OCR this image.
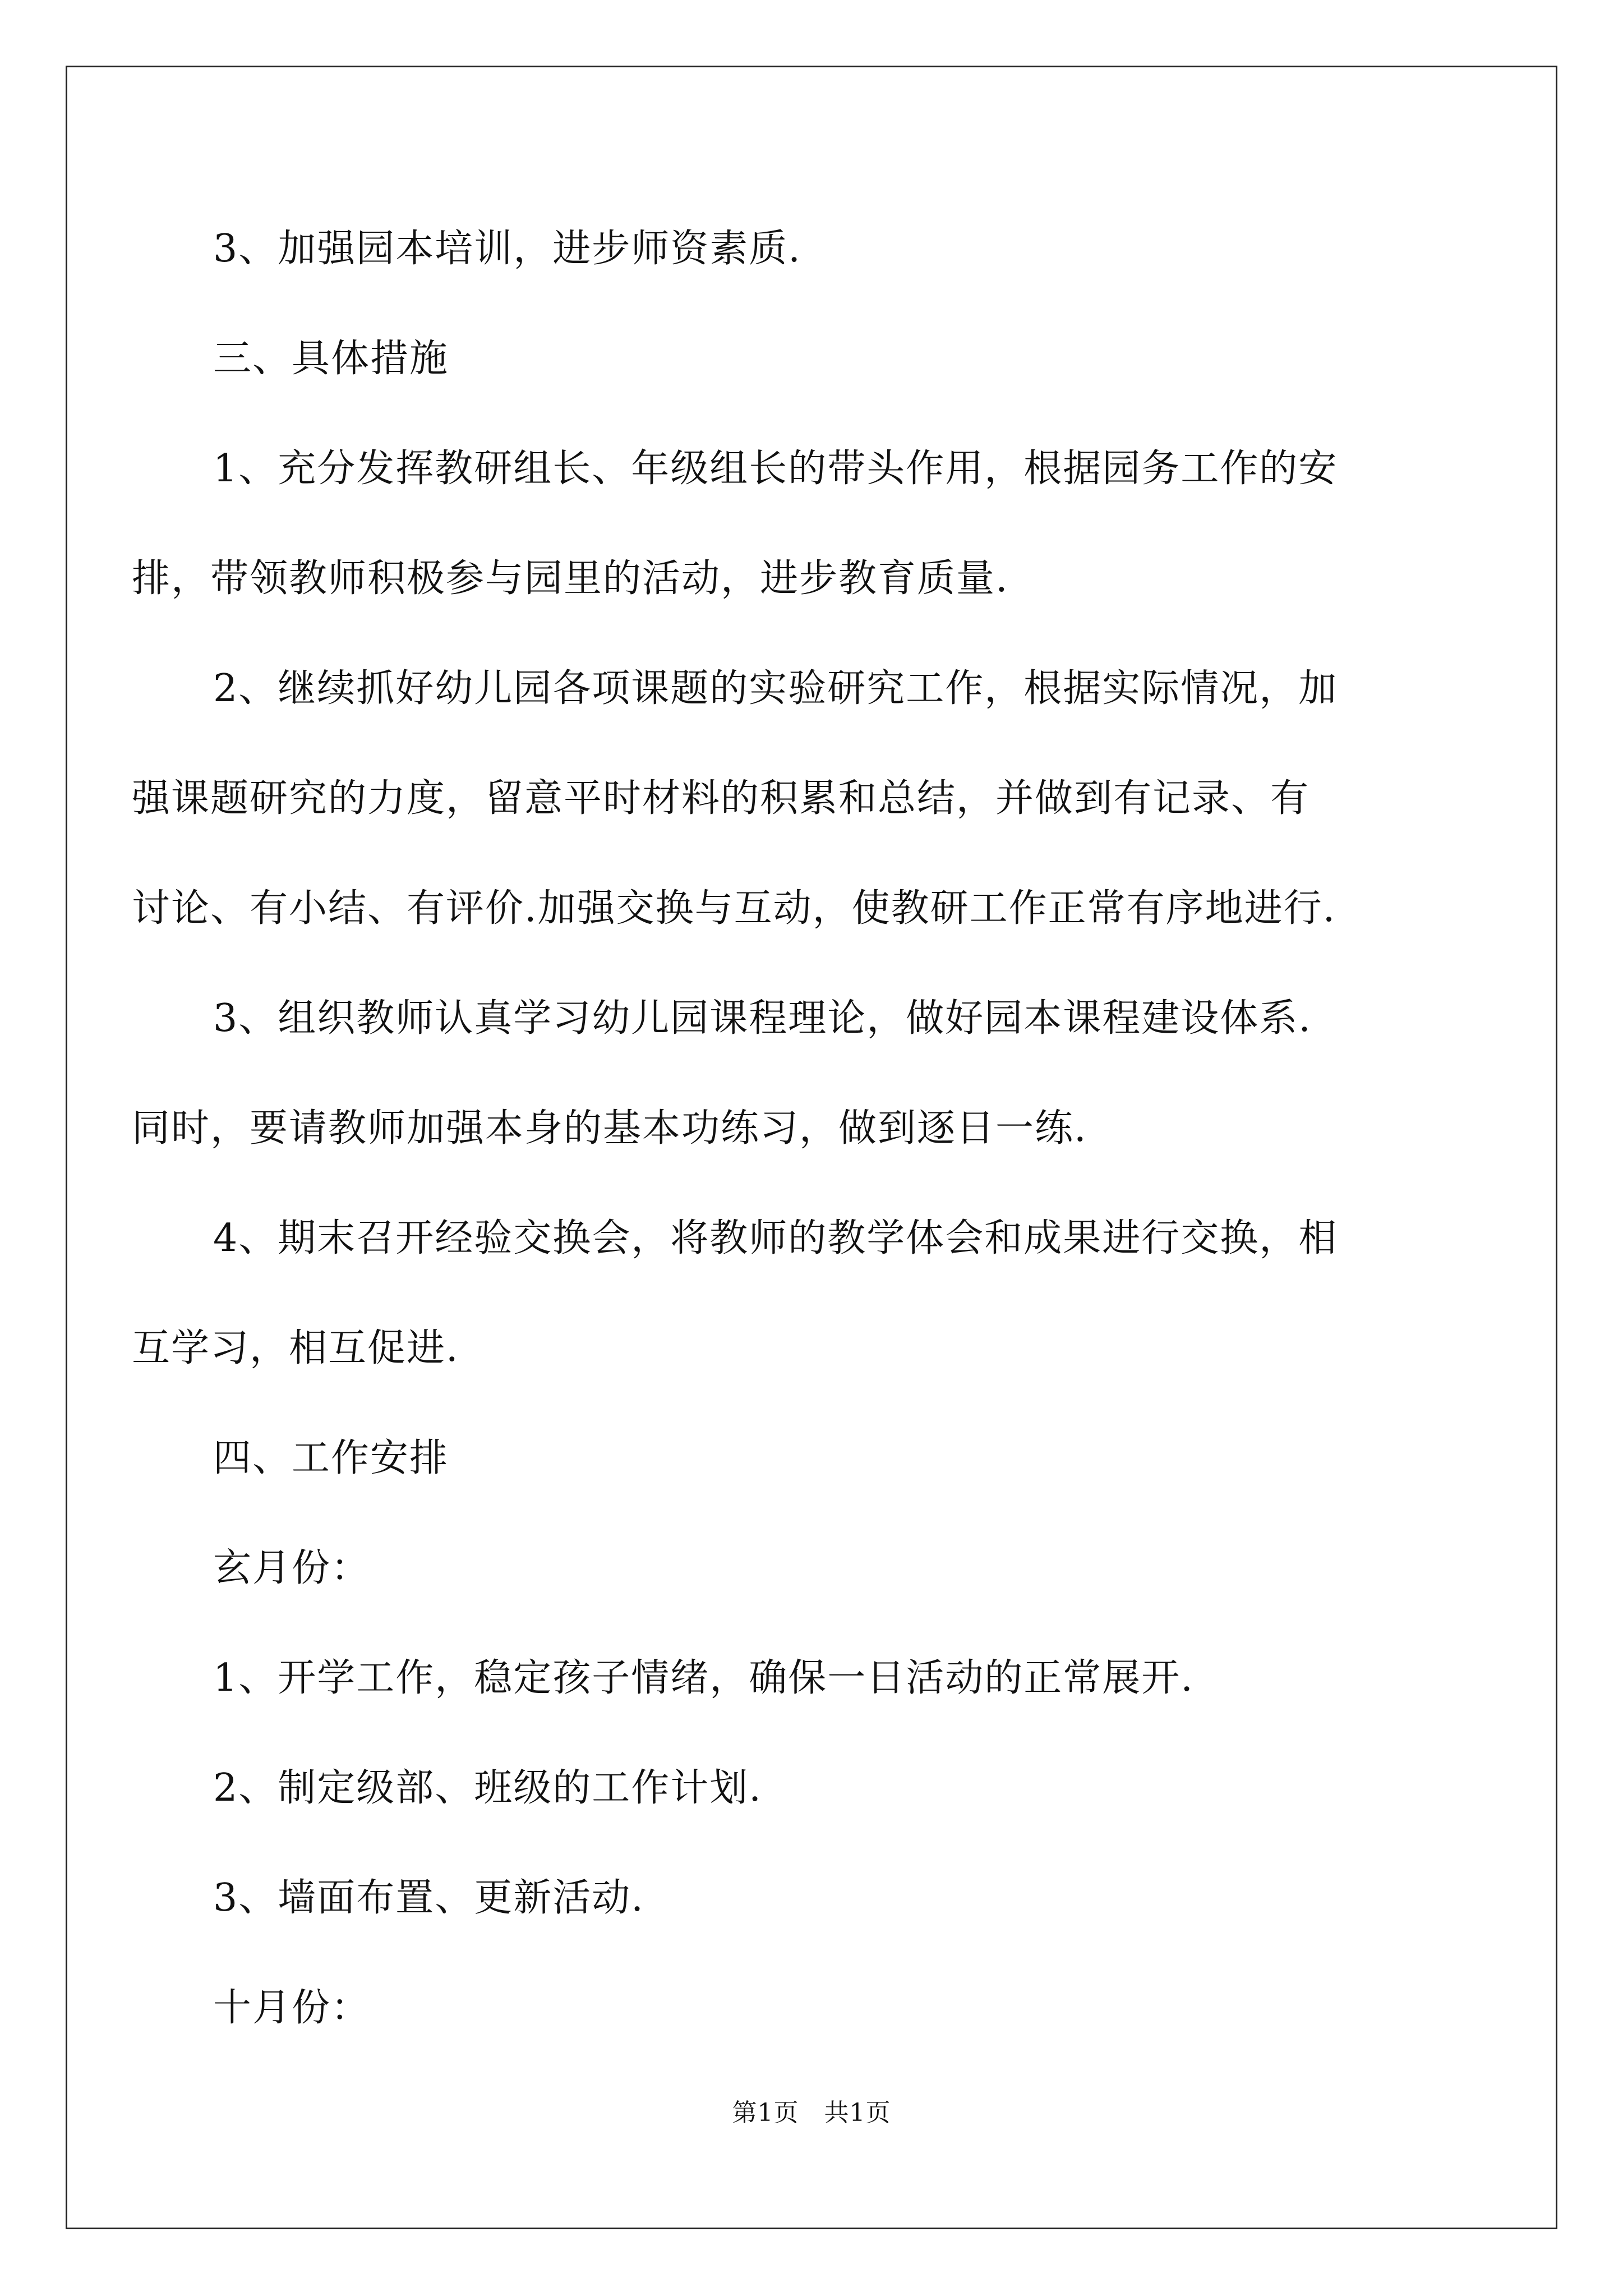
3、加强园本培训，进步师资素质.
三、具体措施
1、充分发挥教研组长、年级组长的带头作用，根据园务工作的安
排，带领教师积极参与园里的活动，进步教育质量.
2、继续抓好幼儿园各项课题的实验研究工作，根据实际情况，加
强课题研究的力度，留意平时材料的积累和总结，并做到有记录、有
讨论、有小结、有评价.加强交换与互动，使教研工作正常有序地进行.
3、组织教师认真学习幼儿园课程理论，做好园本课程建设体系.
同时，要请教师加强本身的基本功练习，做到逐日一练.
4、期末召开经验交换会，将教师的教学体会和成果进行交换，相
互学习，相互促进.
四、工作安排
玄月份：
1、开学工作，稳定孩子情绪，确保一日活动的正常展开.
2、制定级部、班级的工作计划.
3、墙面布置、更新活动.
十月份：
第1页　共1页
